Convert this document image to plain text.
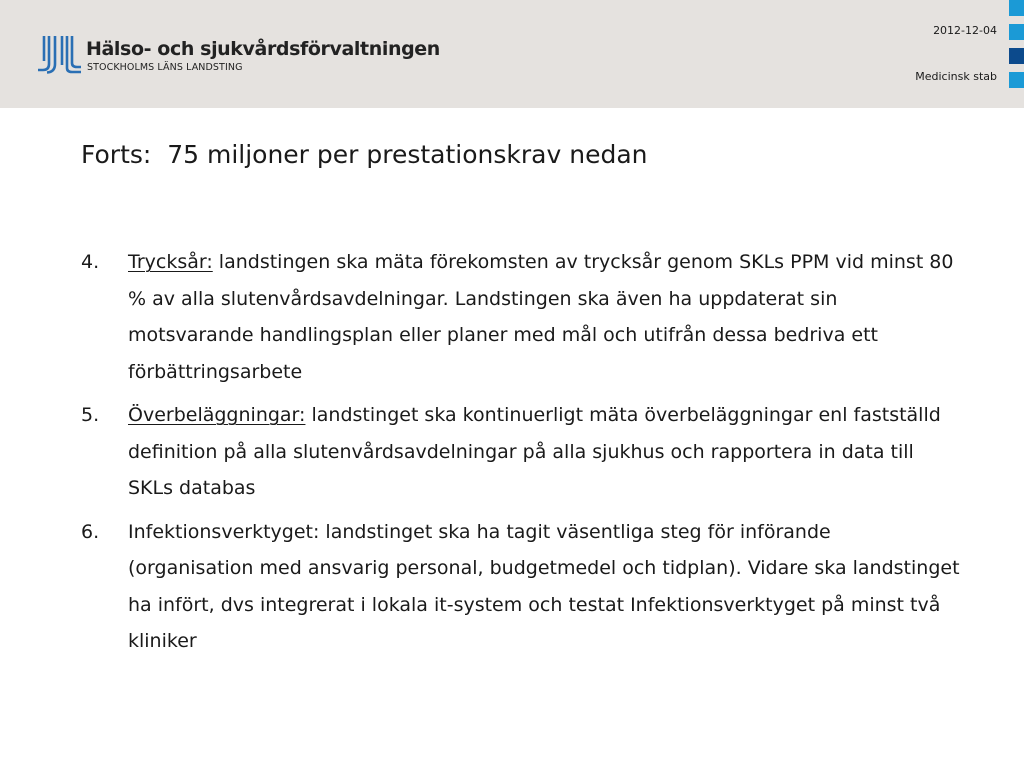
Hälso- och sjukvårdsförvaltningen
STOCKHOLMS LÄNS LANDSTING
2012-12-04
Medicinsk stab
Forts:  75 miljoner per prestationskrav nedan
4. Trycksår: landstingen ska mäta förekomsten av trycksår genom SKLs PPM vid minst 80 % av alla slutenvårdsavdelningar. Landstingen ska även ha uppdaterat sin motsvarande handlingsplan eller planer med mål och utifrån dessa bedriva ett förbättringsarbete
5. Överbeläggningar: landstinget ska kontinuerligt mäta överbeläggningar enl fastställd definition på alla slutenvårdsavdelningar på alla sjukhus och rapportera in data till SKLs databas
6. Infektionsverktyget: landstinget ska ha tagit väsentliga steg för införande (organisation med ansvarig personal, budgetmedel och tidplan). Vidare ska landstinget ha infört, dvs integrerat i lokala it-system och testat Infektionsverktyget på minst två kliniker
